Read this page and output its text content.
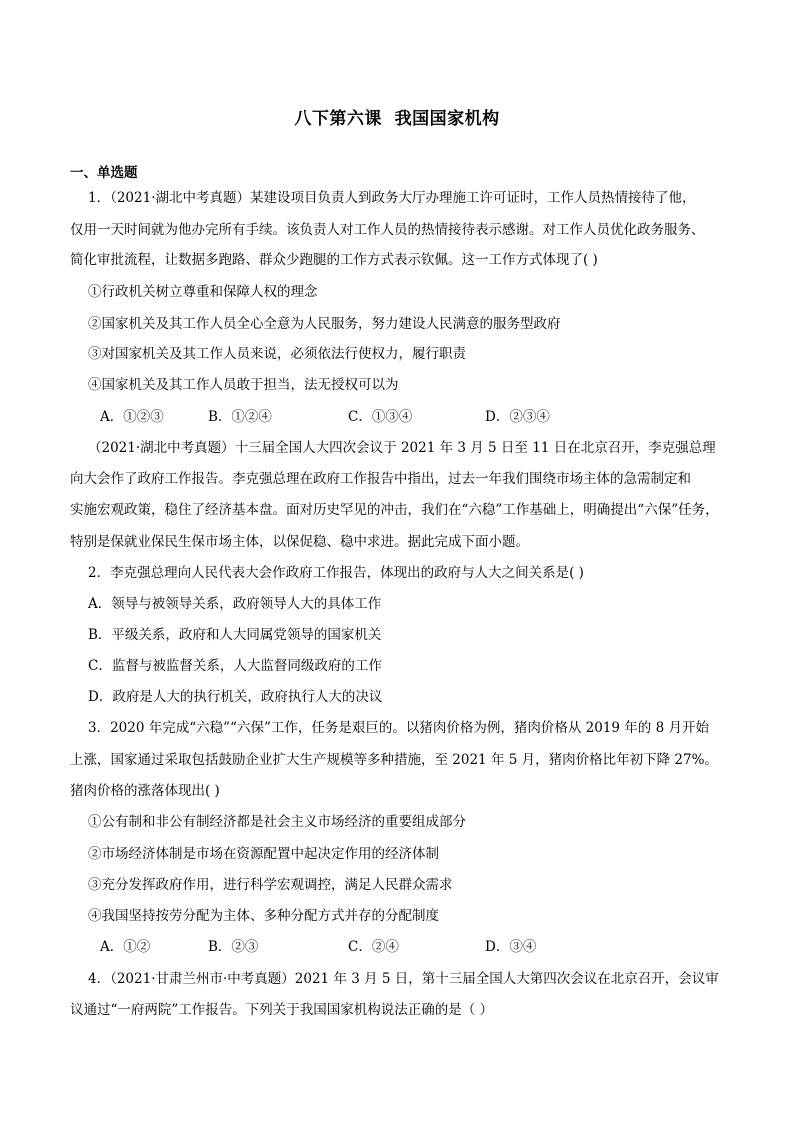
八下第六课  我国国家机构
一、单选题
1．（2021·湖北中考真题）某建设项目负责人到政务大厅办理施工许可证时，工作人员热情接待了他，
仅用一天时间就为他办完所有手续。该负责人对工作人员的热情接待表示感谢。对工作人员优化政务服务、
简化审批流程，让数据多跑路、群众少跑腿的工作方式表示钦佩。这一工作方式体现了( )
①行政机关树立尊重和保障人权的理念
②国家机关及其工作人员全心全意为人民服务，努力建设人民满意的服务型政府
③对国家机关及其工作人员来说，必须依法行使权力，履行职责
④国家机关及其工作人员敢于担当，法无授权可以为
A．①②③	B．①②④	C．①③④	D．②③④
（2021·湖北中考真题）十三届全国人大四次会议于 2021 年 3 月 5 日至 11 日在北京召开，李克强总理
向大会作了政府工作报告。李克强总理在政府工作报告中指出，过去一年我们围绕市场主体的急需制定和
实施宏观政策，稳住了经济基本盘。面对历史罕见的冲击，我们在“六稳”工作基础上，明确提出“六保”任务，
特别是保就业保民生保市场主体，以保促稳、稳中求进。据此完成下面小题。
2．李克强总理向人民代表大会作政府工作报告，体现出的政府与人大之间关系是( )
A．领导与被领导关系，政府领导人大的具体工作
B．平级关系，政府和人大同属党领导的国家机关
C．监督与被监督关系，人大监督同级政府的工作
D．政府是人大的执行机关，政府执行人大的决议
3．2020 年完成“六稳”“六保”工作，任务是艰巨的。以猪肉价格为例，猪肉价格从 2019 年的 8 月开始
上涨，国家通过采取包括鼓励企业扩大生产规模等多种措施，至 2021 年 5 月，猪肉价格比年初下降 27%。
猪肉价格的涨落体现出( )
①公有制和非公有制经济都是社会主义市场经济的重要组成部分
②市场经济体制是市场在资源配置中起决定作用的经济体制
③充分发挥政府作用，进行科学宏观调控，满足人民群众需求
④我国坚持按劳分配为主体、多种分配方式并存的分配制度
A．①②	B．②③	C．②④	D．③④
4．（2021·甘肃兰州市·中考真题）2021 年 3 月 5 日，第十三届全国人大第四次会议在北京召开，会议审
议通过“一府两院”工作报告。下列关于我国国家机构说法正确的是（ ）
